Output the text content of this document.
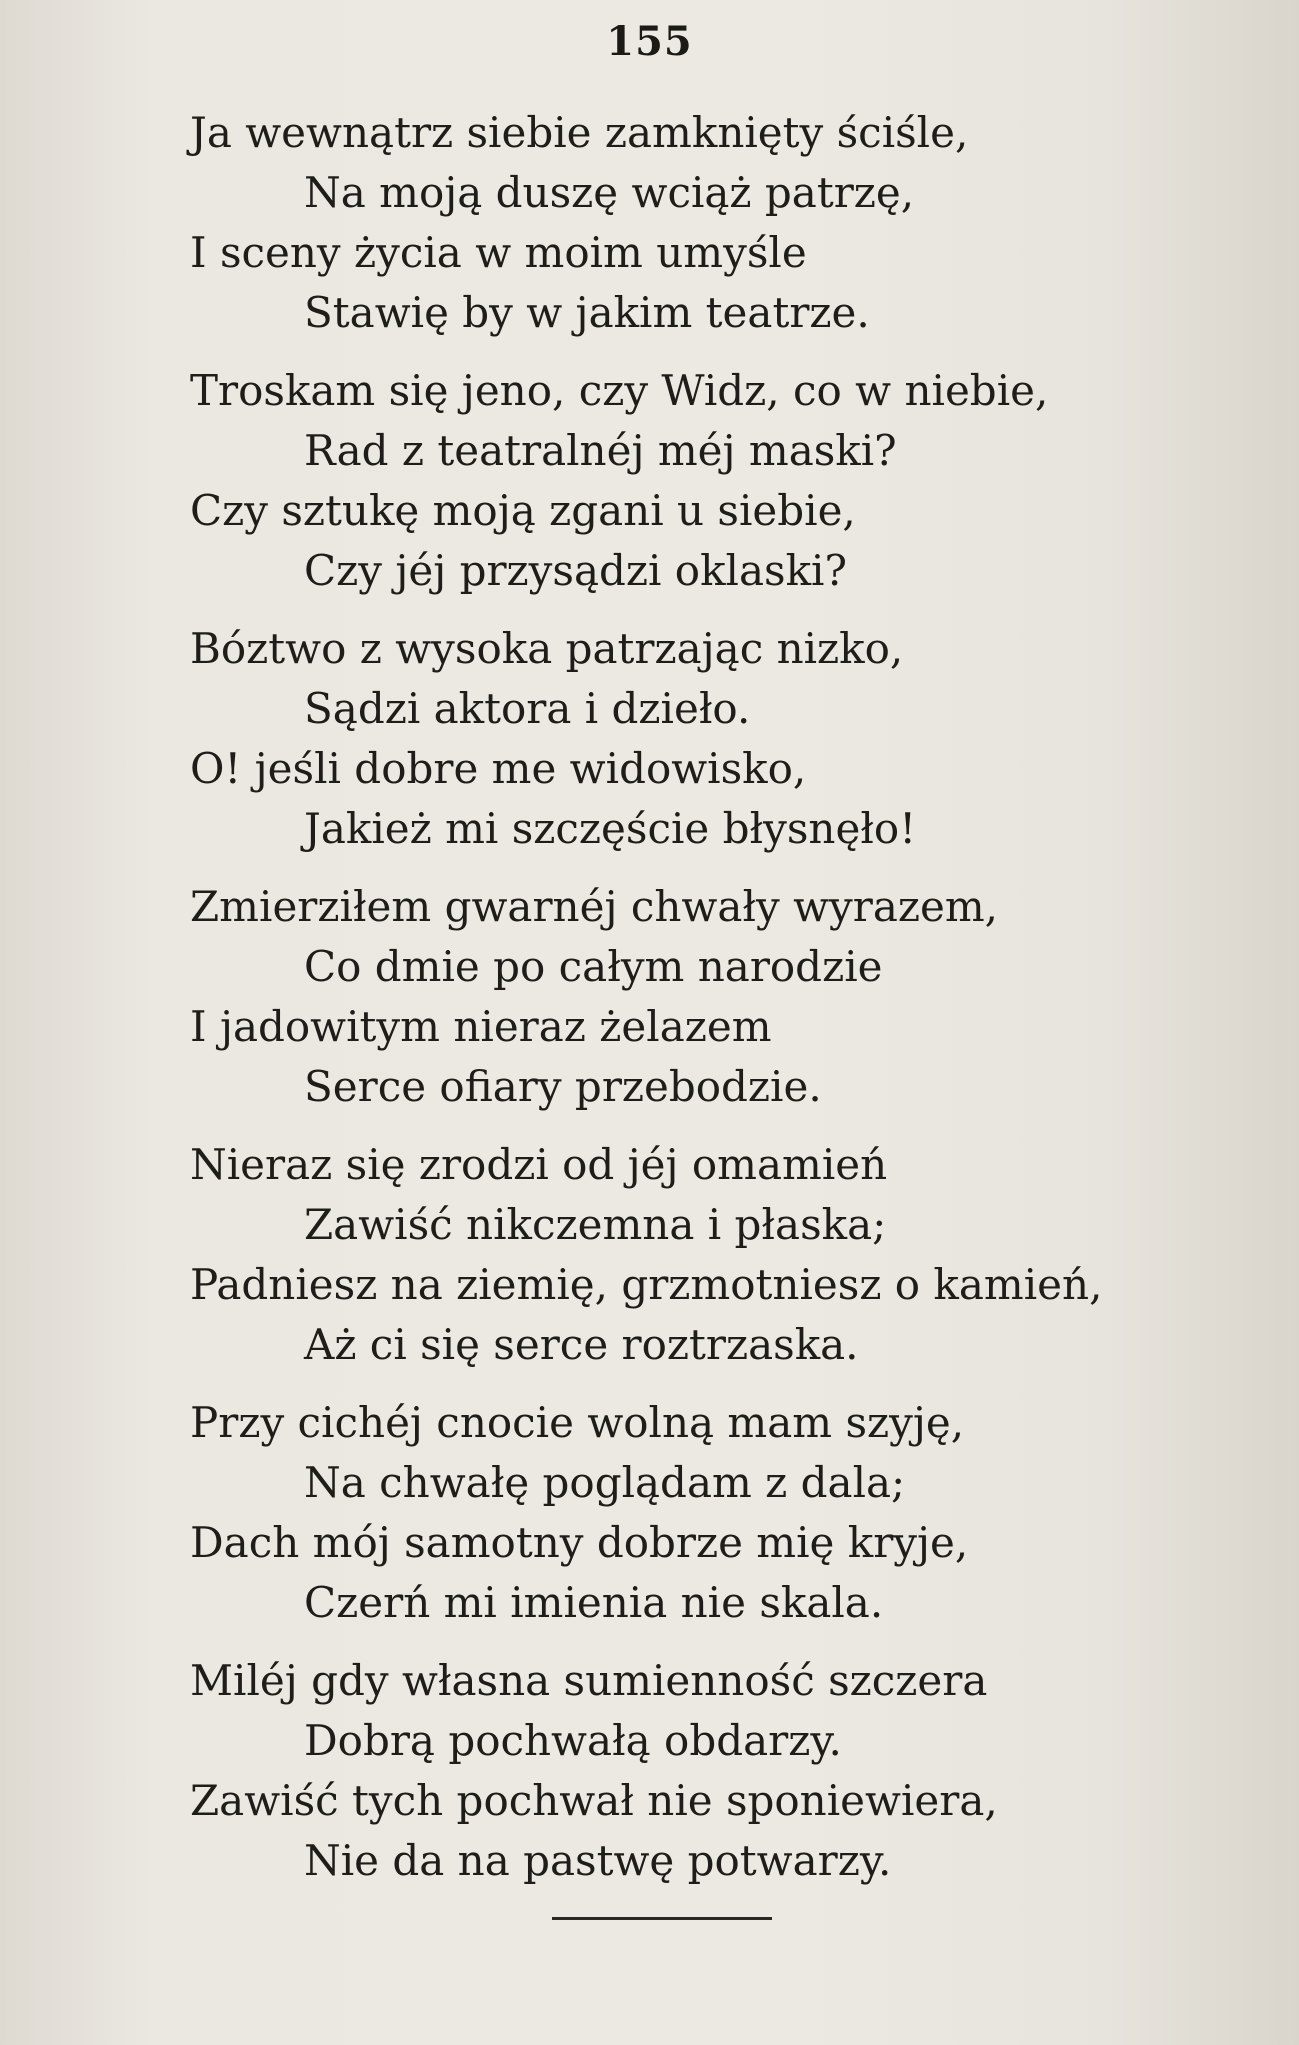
155
Ja wewnątrz siebie zamknięty ściśle,
Na moją duszę wciąż patrzę,
I sceny życia w moim umyśle
Stawię by w jakim teatrze.
Troskam się jeno, czy Widz, co w niebie,
Rad z teatralnéj méj maski?
Czy sztukę moją zgani u siebie,
Czy jéj przysądzi oklaski?
Bóztwo z wysoka patrzając nizko,
Sądzi aktora i dzieło.
O! jeśli dobre me widowisko,
Jakież mi szczęście błysnęło!
Zmierziłem gwarnéj chwały wyrazem,
Co dmie po całym narodzie
I jadowitym nieraz żelazem
Serce ofiary przebodzie.
Nieraz się zrodzi od jéj omamień
Zawiść nikczemna i płaska;
Padniesz na ziemię, grzmotniesz o kamień,
Aż ci się serce roztrzaska.
Przy cichéj cnocie wolną mam szyję,
Na chwałę poglądam z dala;
Dach mój samotny dobrze mię kryje,
Czerń mi imienia nie skala.
Miléj gdy własna sumienność szczera
Dobrą pochwałą obdarzy.
Zawiść tych pochwał nie sponiewiera,
Nie da na pastwę potwarzy.
